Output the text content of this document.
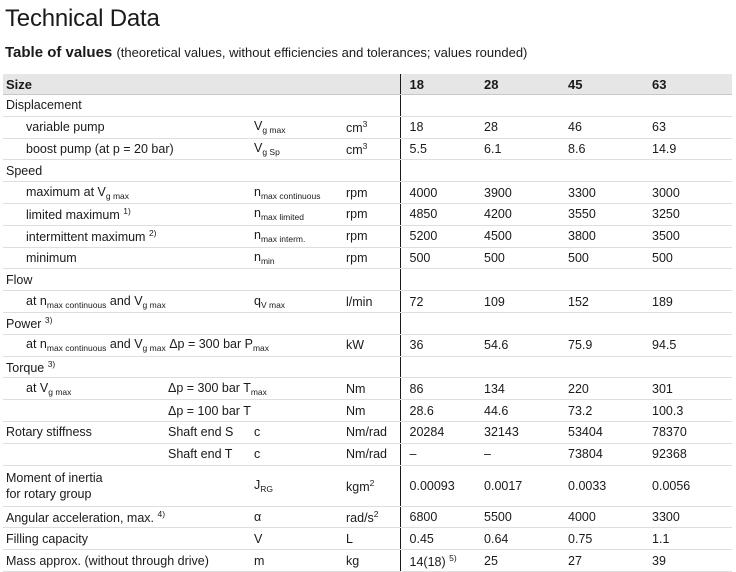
Technical Data
Table of values (theoretical values, without efficiencies and tolerances; values rounded)
Size				18	28	45	63
Displacement							
variable pump		$V_{g max}$	$cm^3$	18	28	46	63
boost pump (at p = 20 bar)		$V_{g Sp}$	$cm^3$	5.5	6.1	8.6	14.9
Speed							
maximum at $V_{g max}$		$n_{max continuous}$	rpm	4000	3900	3300	3000
limited maximum $^{1)}$		$n_{max limited}$	rpm	4850	4200	3550	3250
intermittent maximum $^{2)}$		$n_{max interm.}$	rpm	5200	4500	3800	3500
minimum		$n_{min}$	rpm	500	500	500	500
Flow							
at $n_{max continuous}$ and $V_{g max}$		$q_{V max}$	l/min	72	109	152	189
Power $^{3)}$				
at $n_{max continuous}$ and $V_{g max}$ Δp = 300 bar $P_{max}$			kW	36	54.6	75.9	94.5
Torque $^{3)}$				
at $V_{g max}$	Δp = 300 bar $T_{max}$		Nm	86	134	220	301
	Δp = 100 bar T		Nm	28.6	44.6	73.2	100.3
Rotary stiffness	Shaft end S	c	Nm/rad	20284	32143	53404	78370
	Shaft end T	c	Nm/rad	–	–	73804	92368
Moment of inertia
for rotary group		$J_{RG}$	kgm$^2$	0.00093	0.0017	0.0033	0.0056
Angular acceleration, max. $^{4)}$		α	rad/$s^2$	6800	5500	4000	3300
Filling capacity		V	L	0.45	0.64	0.75	1.1
Mass approx. (without through drive)		m	kg	14(18) $^{5)}$	25	27	39
